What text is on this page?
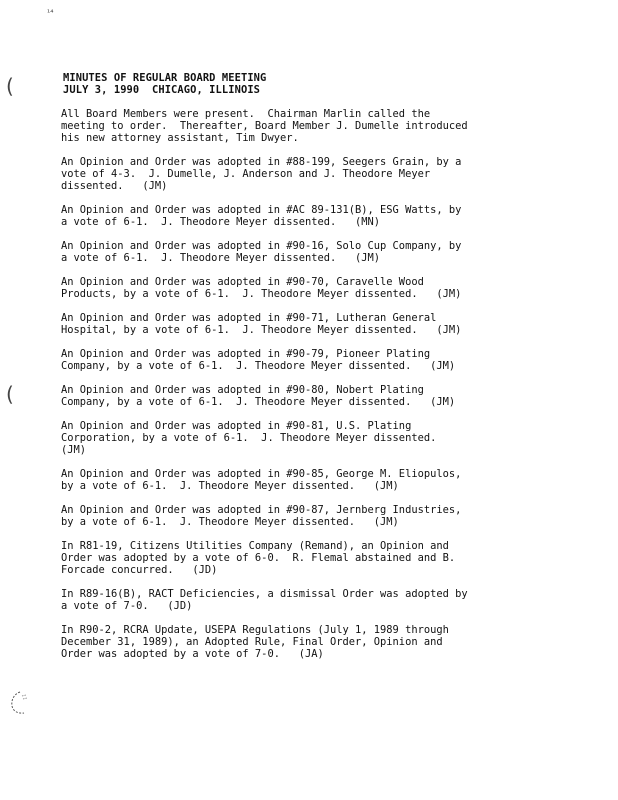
¹⁴
(
(
MINUTES OF REGULAR BOARD MEETING
JULY 3, 1990  CHICAGO, ILLINOIS

All Board Members were present.  Chairman Marlin called the
meeting to order.  Thereafter, Board Member J. Dumelle introduced
his new attorney assistant, Tim Dwyer.

An Opinion and Order was adopted in #88-199, Seegers Grain, by a
vote of 4-3.  J. Dumelle, J. Anderson and J. Theodore Meyer
dissented.   (JM)

An Opinion and Order was adopted in #AC 89-131(B), ESG Watts, by
a vote of 6-1.  J. Theodore Meyer dissented.   (MN)

An Opinion and Order was adopted in #90-16, Solo Cup Company, by
a vote of 6-1.  J. Theodore Meyer dissented.   (JM)

An Opinion and Order was adopted in #90-70, Caravelle Wood
Products, by a vote of 6-1.  J. Theodore Meyer dissented.   (JM)

An Opinion and Order was adopted in #90-71, Lutheran General
Hospital, by a vote of 6-1.  J. Theodore Meyer dissented.   (JM)

An Opinion and Order was adopted in #90-79, Pioneer Plating
Company, by a vote of 6-1.  J. Theodore Meyer dissented.   (JM)

An Opinion and Order was adopted in #90-80, Nobert Plating
Company, by a vote of 6-1.  J. Theodore Meyer dissented.   (JM)

An Opinion and Order was adopted in #90-81, U.S. Plating
Corporation, by a vote of 6-1.  J. Theodore Meyer dissented.
(JM)

An Opinion and Order was adopted in #90-85, George M. Eliopulos,
by a vote of 6-1.  J. Theodore Meyer dissented.   (JM)

An Opinion and Order was adopted in #90-87, Jernberg Industries,
by a vote of 6-1.  J. Theodore Meyer dissented.   (JM)

In R81-19, Citizens Utilities Company (Remand), an Opinion and
Order was adopted by a vote of 6-0.  R. Flemal abstained and B.
Forcade concurred.   (JD)

In R89-16(B), RACT Deficiencies, a dismissal Order was adopted by
a vote of 7-0.   (JD)

In R90-2, RCRA Update, USEPA Regulations (July 1, 1989 through
December 31, 1989), an Adopted Rule, Final Order, Opinion and
Order was adopted by a vote of 7-0.   (JA)
